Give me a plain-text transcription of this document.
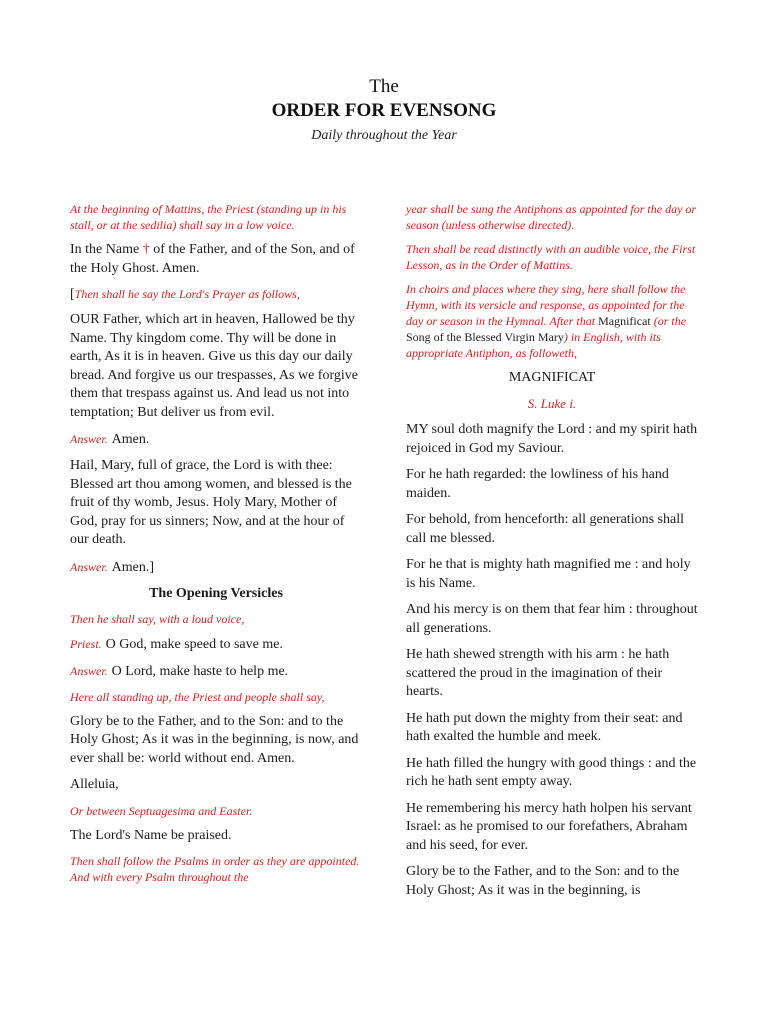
The
ORDER FOR EVENSONG
Daily throughout the Year

At the beginning of Mattins, the Priest (standing up in his stall, or at the sedilia) shall say in a low voice.

In the Name † of the Father, and of the Son, and of the Holy Ghost. Amen.

[Then shall he say the Lord's Prayer as follows,

OUR Father, which art in heaven, Hallowed be thy Name. Thy kingdom come. Thy will be done in earth, As it is in heaven. Give us this day our daily bread. And forgive us our trespasses, As we forgive them that trespass against us. And lead us not into temptation; But deliver us from evil.

Answer. Amen.

Hail, Mary, full of grace, the Lord is with thee: Blessed art thou among women, and blessed is the fruit of thy womb, Jesus. Holy Mary, Mother of God, pray for us sinners; Now, and at the hour of our death.

Answer. Amen.]

The Opening Versicles

Then he shall say, with a loud voice,

Priest. O God, make speed to save me.

Answer. O Lord, make haste to help me.

Here all standing up, the Priest and people shall say,

Glory be to the Father, and to the Son: and to the Holy Ghost; As it was in the beginning, is now, and ever shall be: world without end. Amen.

Alleluia,

Or between Septuagesima and Easter.

The Lord's Name be praised.

Then shall follow the Psalms in order as they are appointed. And with every Psalm throughout the

year shall be sung the Antiphons as appointed for the day or season (unless otherwise directed).

Then shall be read distinctly with an audible voice, the First Lesson, as in the Order of Mattins.

In choirs and places where they sing, here shall follow the Hymn, with its versicle and response, as appointed for the day or season in the Hymnal. After that Magnificat (or the Song of the Blessed Virgin Mary) in English, with its appropriate Antiphon, as followeth,

MAGNIFICAT

S. Luke i.

MY soul doth magnify the Lord : and my spirit hath rejoiced in God my Saviour.

For he hath regarded: the lowliness of his hand maiden.

For behold, from henceforth: all generations shall call me blessed.

For he that is mighty hath magnified me : and holy is his Name.

And his mercy is on them that fear him : throughout all generations.

He hath shewed strength with his arm : he hath scattered the proud in the imagination of their hearts.

He hath put down the mighty from their seat: and hath exalted the humble and meek.

He hath filled the hungry with good things : and the rich he hath sent empty away.

He remembering his mercy hath holpen his servant Israel: as he promised to our forefathers, Abraham and his seed, for ever.

Glory be to the Father, and to the Son: and to the Holy Ghost; As it was in the beginning, is
